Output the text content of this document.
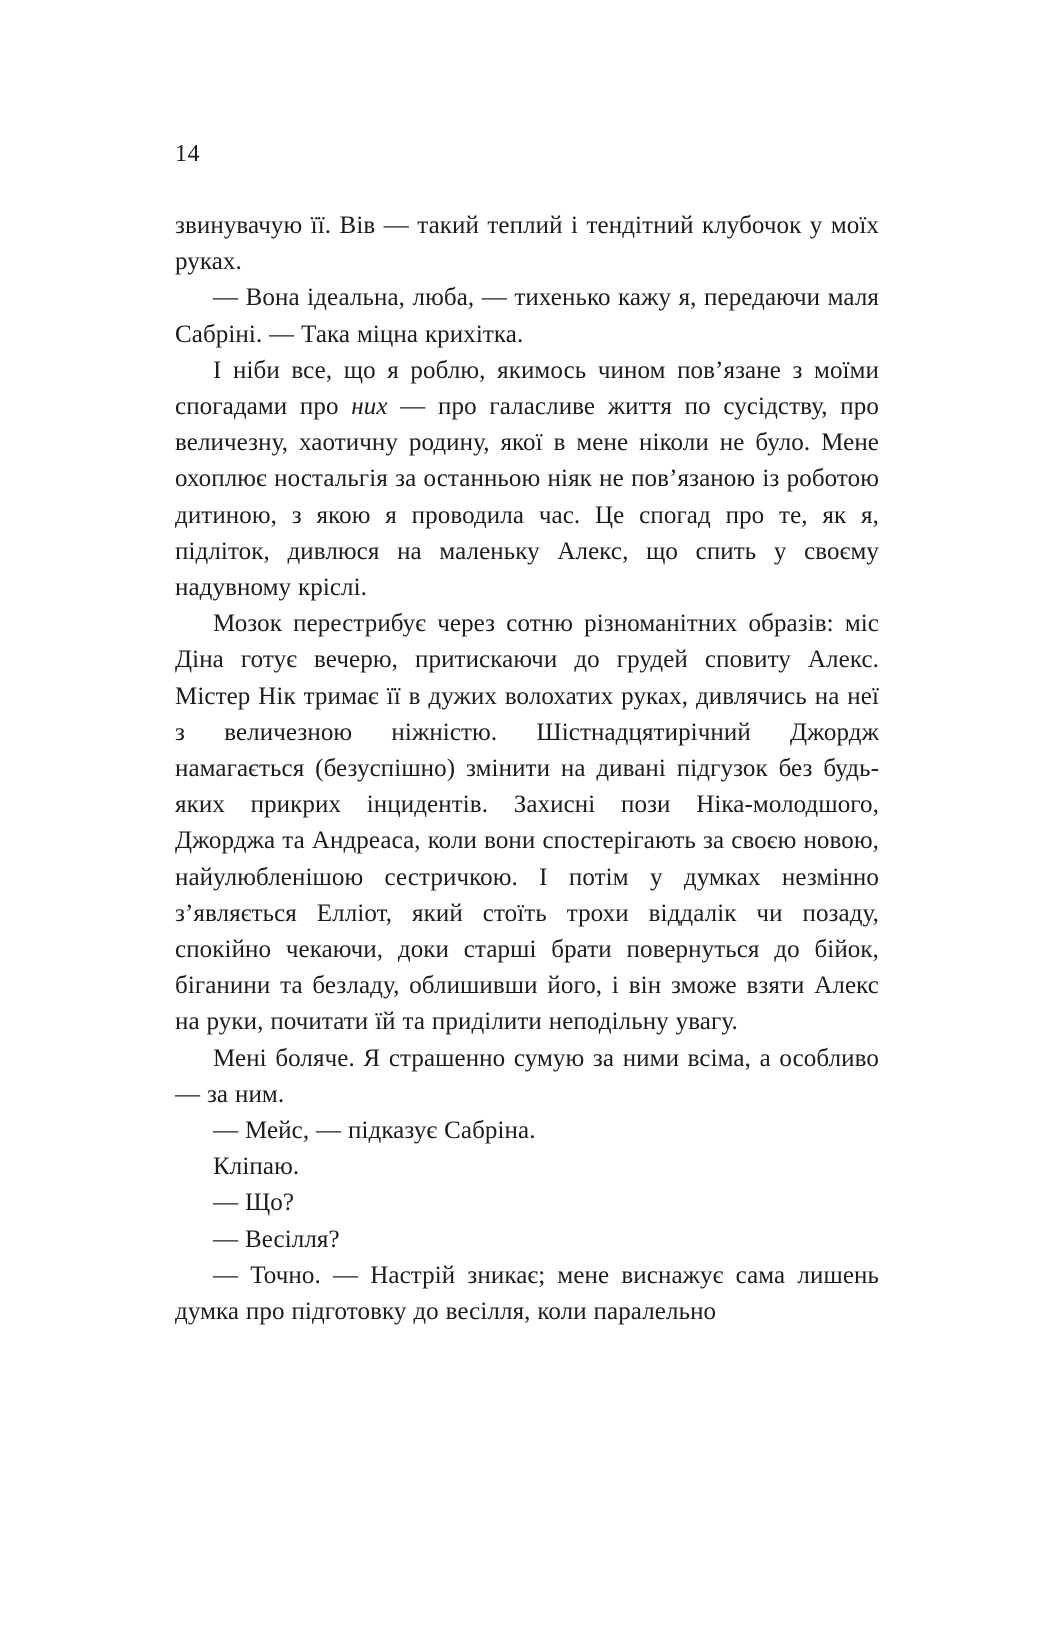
14

звинувачую її. Вів — такий теплий і тендітний клубочок у моїх руках.

— Вона ідеальна, люба, — тихенько кажу я, передаючи маля Сабріні. — Така міцна крихітка.

І ніби все, що я роблю, якимось чином пов’язане з моїми спогадами про них — про галасливе життя по сусідству, про величезну, хаотичну родину, якої в мене ніколи не було. Мене охоплює ностальгія за останньою ніяк не пов’язаною із роботою дитиною, з якою я проводила час. Це спогад про те, як я, підліток, дивлюся на маленьку Алекс, що спить у своєму надувному кріслі.

Мозок перестрибує через сотню різноманітних образів: міс Діна готує вечерю, притискаючи до грудей сповиту Алекс. Містер Нік тримає її в дужих волохатих руках, дивлячись на неї з величезною ніжністю. Шістнадцятирічний Джордж намагається (безуспішно) змінити на дивані підгузок без будь-яких прикрих інцидентів. Захисні пози Ніка-молодшого, Джорджа та Андреаса, коли вони спостерігають за своєю новою, найулюбленішою сестричкою. І потім у думках незмінно з’являється Елліот, який стоїть трохи віддалік чи позаду, спокійно чекаючи, доки старші брати повернуться до бійок, біганини та безладу, облишивши його, і він зможе взяти Алекс на руки, почитати їй та приділити неподільну увагу.

Мені боляче. Я страшенно сумую за ними всіма, а особливо — за ним.

— Мейс, — підказує Сабріна.

Кліпаю.

— Що?

— Весілля?

— Точно. — Настрій зникає; мене виснажує сама лишень думка про підготовку до весілля, коли паралельно
